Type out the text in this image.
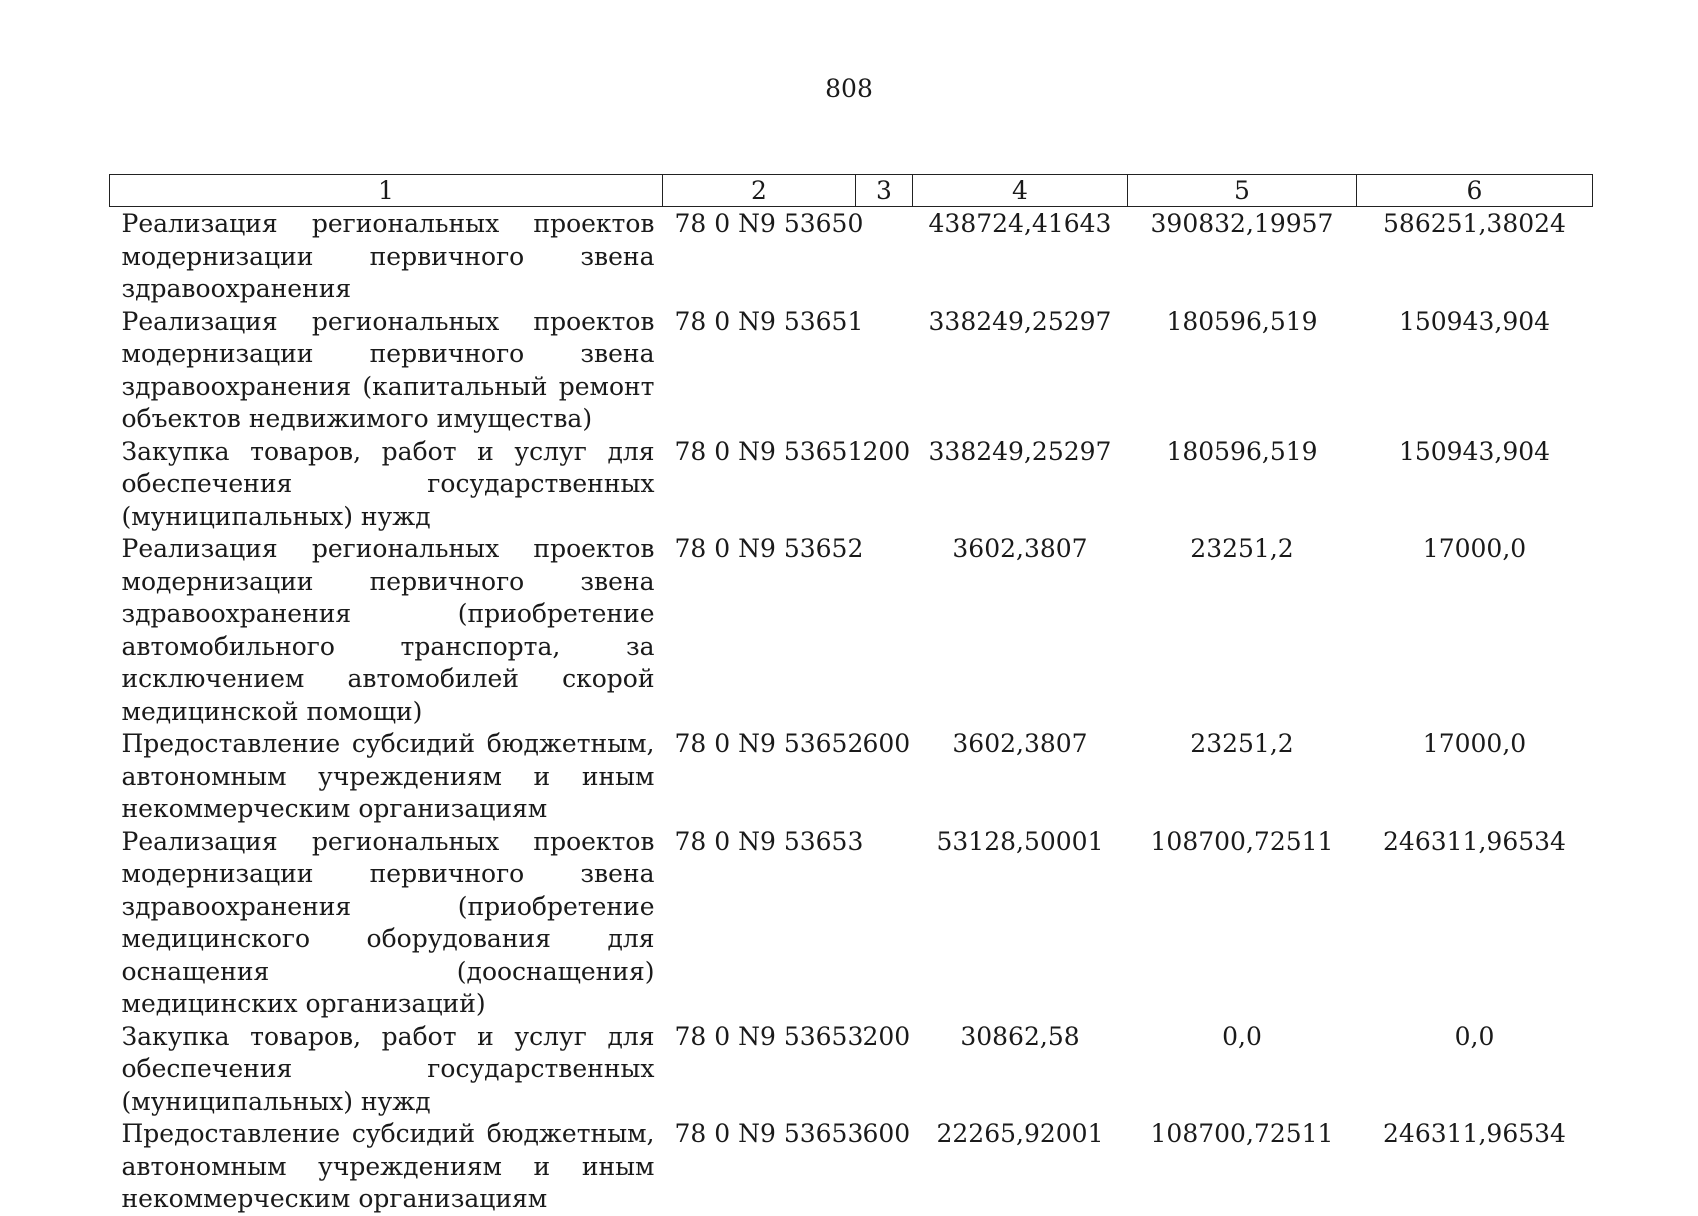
808
1	2	3	4	5	6
Реализация региональных проектов модернизации первичного звена здравоохранения	78 0 N9 53650		438724,41643	390832,19957	586251,38024
Реализация региональных проектов модернизации первичного звена здравоохранения (капитальный ремонт объектов недвижимого имущества)	78 0 N9 53651		338249,25297	180596,519	150943,904
Закупка товаров, работ и услуг для обеспечения государственных (муниципальных) нужд	78 0 N9 53651	200	338249,25297	180596,519	150943,904
Реализация региональных проектов модернизации первичного звена здравоохранения (приобретение автомобильного транспорта, за исключением автомобилей скорой медицинской помощи)	78 0 N9 53652		3602,3807	23251,2	17000,0
Предоставление субсидий бюджетным, автономным учреждениям и иным некоммерческим организациям	78 0 N9 53652	600	3602,3807	23251,2	17000,0
Реализация региональных проектов модернизации первичного звена здравоохранения (приобретение медицинского оборудования для оснащения (дооснащения) медицинских организаций)	78 0 N9 53653		53128,50001	108700,72511	246311,96534
Закупка товаров, работ и услуг для обеспечения государственных (муниципальных) нужд	78 0 N9 53653	200	30862,58	0,0	0,0
Предоставление субсидий бюджетным, автономным учреждениям и иным некоммерческим организациям	78 0 N9 53653	600	22265,92001	108700,72511	246311,96534
